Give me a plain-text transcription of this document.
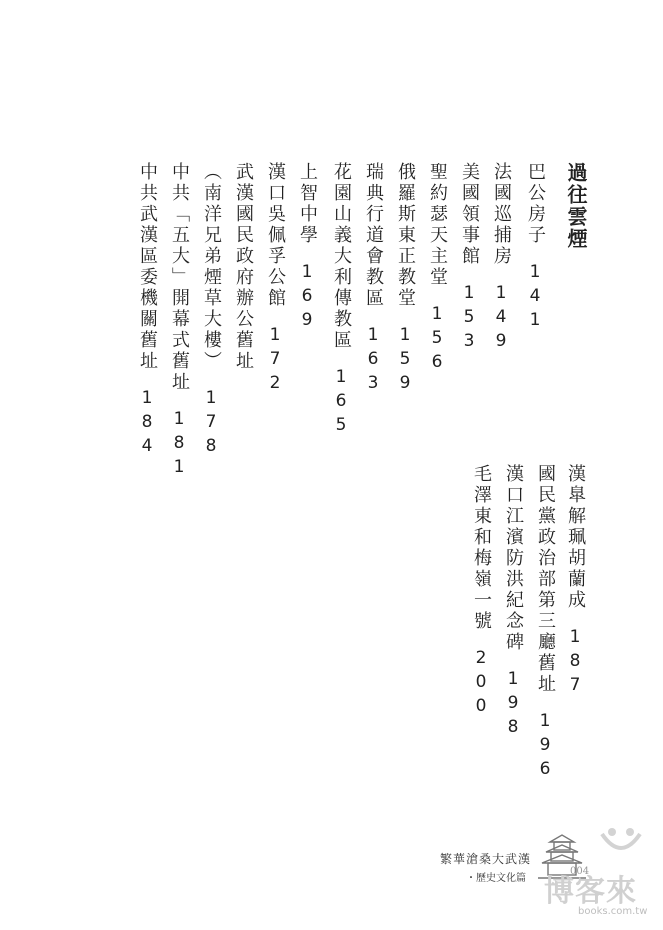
過往雲煙
巴公房子141
法國巡捕房149
美國領事館153
聖約瑟天主堂156
俄羅斯東正教堂159
瑞典行道會教區163
花園山義大利傳教區165
上智中學169
漢口吳佩孚公館172
武漢國民政府辦公舊址
（南洋兄弟煙草大樓）178
中共「五大」開幕式舊址181
中共武漢區委機關舊址184
漢臯解珮胡蘭成187
國民黨政治部第三廳舊址196
漢口江濱防洪紀念碑198
毛澤東和梅嶺一號200
繁華滄桑大武漢
・歷史文化篇
004
博客來
books.com.tw
